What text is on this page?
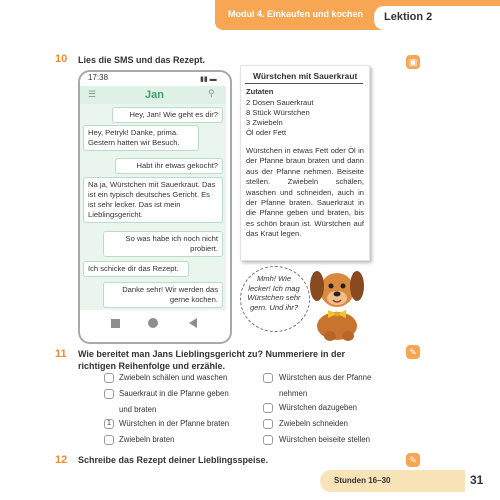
Modul 4. Einkaufen und kochen Lektion 2
10 Lies die SMS und das Rezept.	▣
17:38	▮▮ ▬
☰	Jan	⚲
Hey, Jan! Wie geht es dir?
Hey, Petryk! Danke, prima. Gestern hatten wir Besuch.
Habt ihr etwas gekocht?
Na ja, Würstchen mit Sauerkraut. Das ist ein typisch deutsches Gericht. Es ist sehr lecker. Das ist mein Lieblingsgericht.
So was habe ich noch nicht probiert.
Ich schicke dir das Rezept.
Danke sehr! Wir werden das gerne kochen.
Würstchen mit Sauerkraut
Zutaten
2 Dosen Sauerkraut
8 Stück Würstchen
3 Zwiebeln
Öl oder Fett
Würstchen in etwas Fett oder Öl in der Pfanne braun braten und dann aus der Pfanne nehmen. Beiseite stellen. Zwiebeln schälen, waschen und schneiden, auch in der Pfanne braten. Sauerkraut in die Pfanne geben und braten, bis es schön braun ist. Würstchen auf das Kraut legen.
Mmh! Wie lecker! Ich mag Würstchen sehr gern. Und ihr?
11 Wie bereitet man Jans Lieblingsgericht zu? Nummeriere in der richtigen Reihenfolge und erzähle.
✎
Zwiebeln schälen und waschen
Sauerkraut in die Pfanne geben
und braten
1	Würstchen in der Pfanne braten
Zwiebeln braten
Würstchen aus der Pfanne
nehmen
Würstchen dazugeben
Zwiebeln schneiden
Würstchen beiseite stellen
12 Schreibe das Rezept deiner Lieblingsspeise.	✎
Stunden 16–30	31
